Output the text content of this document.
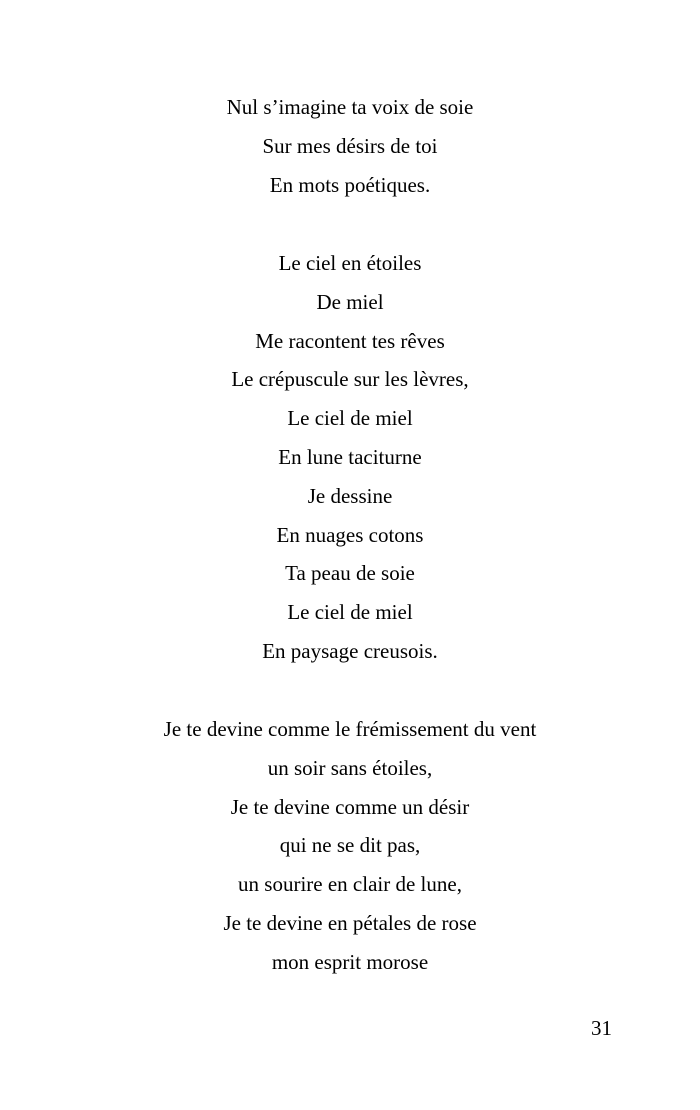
Nul s’imagine ta voix de soie
Sur mes désirs de toi
En mots poétiques.
Le ciel en étoiles
De miel
Me racontent tes rêves
Le crépuscule sur les lèvres,
Le ciel de miel
En lune taciturne
Je dessine
En nuages cotons
Ta peau de soie
Le ciel de miel
En paysage creusois.
Je te devine comme le frémissement du vent
un soir sans étoiles,
Je te devine comme un désir
qui ne se dit pas,
un sourire en clair de lune,
Je te devine en pétales de rose
mon esprit morose
31
